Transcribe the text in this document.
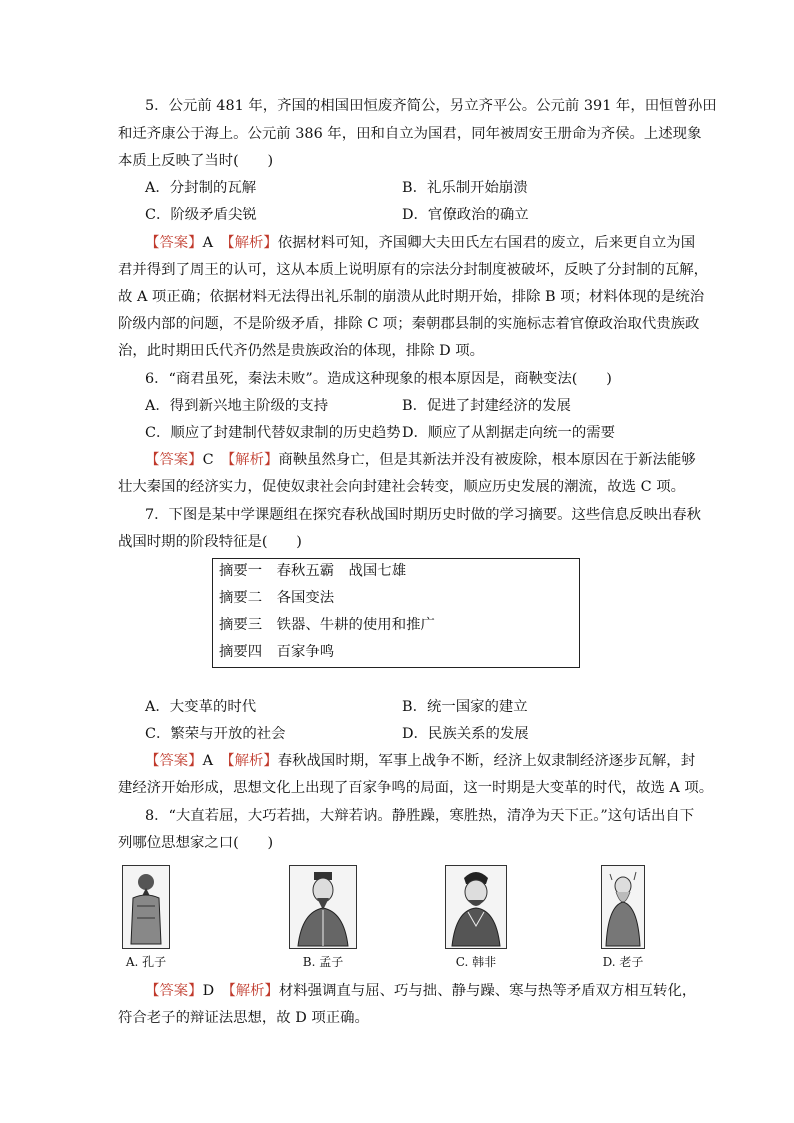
5．公元前 481 年，齐国的相国田恒废齐简公，另立齐平公。公元前 391 年，田恒曾孙田
和迁齐康公于海上。公元前 386 年，田和自立为国君，同年被周安王册命为齐侯。上述现象
本质上反映了当时(　　)
A．分封制的瓦解	B．礼乐制开始崩溃
C．阶级矛盾尖锐	D．官僚政治的确立
【答案】A　【解析】依据材料可知，齐国卿大夫田氏左右国君的废立，后来更自立为国
君并得到了周王的认可，这从本质上说明原有的宗法分封制度被破坏，反映了分封制的瓦解，
故 A 项正确；依据材料无法得出礼乐制的崩溃从此时期开始，排除 B 项；材料体现的是统治
阶级内部的问题，不是阶级矛盾，排除 C 项；秦朝郡县制的实施标志着官僚政治取代贵族政
治，此时期田氏代齐仍然是贵族政治的体现，排除 D 项。
6．“商君虽死，秦法未败”。造成这种现象的根本原因是，商鞅变法(　　)
A．得到新兴地主阶级的支持	B．促进了封建经济的发展
C．顺应了封建制代替奴隶制的历史趋势 D．顺应了从割据走向统一的需要
【答案】C　【解析】商鞅虽然身亡，但是其新法并没有被废除，根本原因在于新法能够
壮大秦国的经济实力，促使奴隶社会向封建社会转变，顺应历史发展的潮流，故选 C 项。
7．下图是某中学课题组在探究春秋战国时期历史时做的学习摘要。这些信息反映出春秋
战国时期的阶段特征是(　　)
摘要一　春秋五霸　战国七雄
摘要二　各国变法
摘要三　铁器、牛耕的使用和推广
摘要四　百家争鸣
A．大变革的时代	B．统一国家的建立
C．繁荣与开放的社会	D．民族关系的发展
【答案】A　【解析】春秋战国时期，军事上战争不断，经济上奴隶制经济逐步瓦解，封
建经济开始形成，思想文化上出现了百家争鸣的局面，这一时期是大变革的时代，故选 A 项。
8．“大直若屈，大巧若拙，大辩若讷。静胜躁，寒胜热，清净为天下正。”这句话出自下
列哪位思想家之口(　　)
A. 孔子	B. 孟子	C. 韩非	D. 老子
【答案】D　【解析】材料强调直与屈、巧与拙、静与躁、寒与热等矛盾双方相互转化，
符合老子的辩证法思想，故 D 项正确。
